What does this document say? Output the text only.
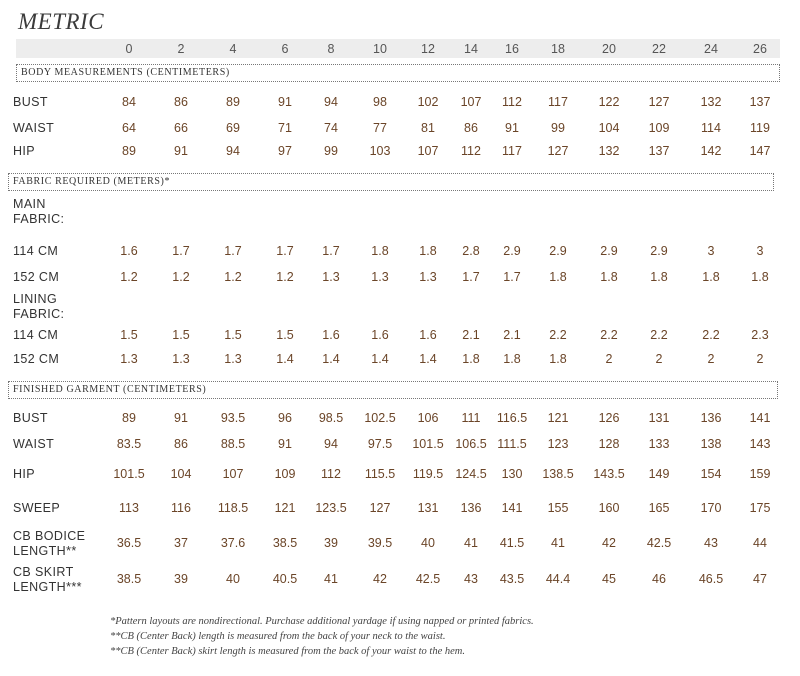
METRIC
0	2	4	6	8	10	12	14	16	18	20	22	24	26
BODY MEASUREMENTS (CENTIMETERS)
BUST	84	86	89	91	94	98	102	107	112	117	122	127	132	137
WAIST	64	66	69	71	74	77	81	86	91	99	104	109	114	119
HIP	89	91	94	97	99	103	107	112	117	127	132	137	142	147
FABRIC REQUIRED (METERS)*
MAIN
FABRIC:
114 CM	1.6	1.7	1.7	1.7	1.7	1.8	1.8	2.8	2.9	2.9	2.9	2.9	3	3
152 CM	1.2	1.2	1.2	1.2	1.3	1.3	1.3	1.7	1.7	1.8	1.8	1.8	1.8	1.8
LINING
FABRIC:
114 CM	1.5	1.5	1.5	1.5	1.6	1.6	1.6	2.1	2.1	2.2	2.2	2.2	2.2	2.3
152 CM	1.3	1.3	1.3	1.4	1.4	1.4	1.4	1.8	1.8	1.8	2	2	2	2
FINISHED GARMENT (CENTIMETERS)
BUST	89	91	93.5	96	98.5	102.5	106	111	116.5	121	126	131	136	141
WAIST	83.5	86	88.5	91	94	97.5	101.5 106.5 111.5	123	128	133	138	143
HIP	101.5	104	107	109	112	115.5	119.5 124.5	130	138.5	143.5	149	154	159
SWEEP	113	116	118.5	121	123.5	127	131	136	141	155	160	165	170	175
CB BODICE
LENGTH**
36.5	37	37.6	38.5	39	39.5	40	41	41.5	41	42	42.5	43	44
CB SKIRT
LENGTH***
38.5	39	40	40.5	41	42	42.5	43	43.5	44.4	45	46	46.5	47
*Pattern layouts are nondirectional. Purchase additional yardage if using napped or printed fabrics.
**CB (Center Back) length is measured from the back of your neck to the waist.
**CB (Center Back) skirt length is measured from the back of your waist to the hem.
